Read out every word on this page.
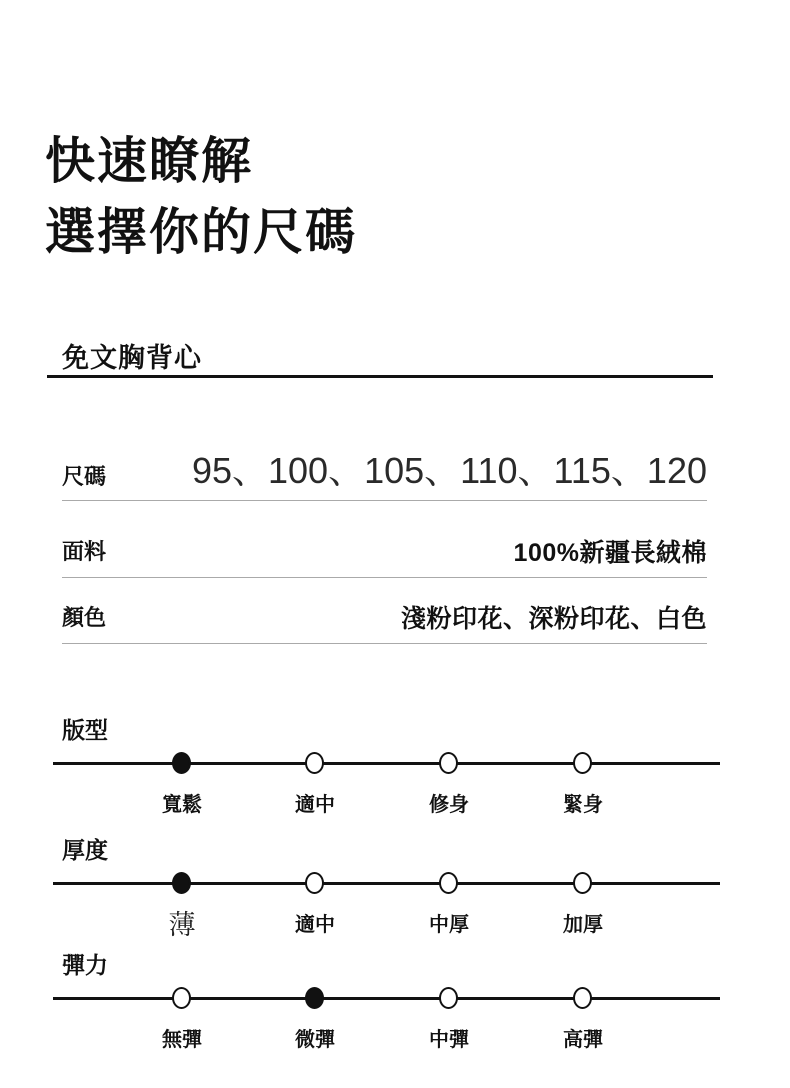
快速瞭解
選擇你的尺碼
免文胸背心
尺碼 95、100、105、110、115、120
面料	100%新疆長絨棉
顏色	淺粉印花、深粉印花、白色
版型
寬鬆	適中	修身	緊身
厚度
薄	適中	中厚	加厚
彈力
無彈	微彈	中彈	高彈
